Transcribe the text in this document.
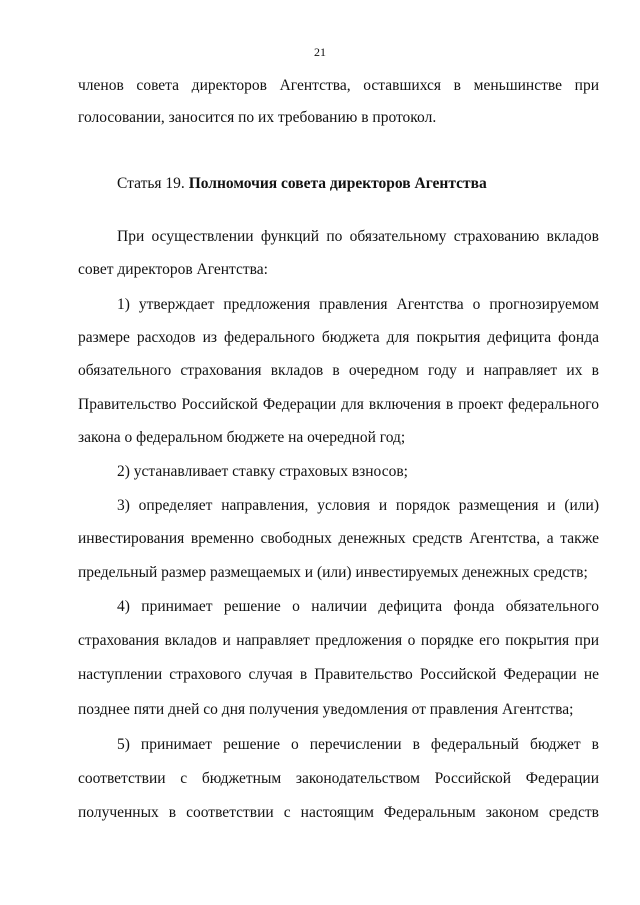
21
членов совета директоров Агентства, оставшихся в меньшинстве при
голосовании, заносится по их требованию в протокол.
Статья 19. Полномочия совета директоров Агентства
При осуществлении функций по обязательному страхованию вкладов
совет директоров Агентства:
1) утверждает предложения правления Агентства о прогнозируемом
размере расходов из федерального бюджета для покрытия дефицита фонда
обязательного страхования вкладов в очередном году и направляет их в
Правительство Российской Федерации для включения в проект федерального
закона о федеральном бюджете на очередной год;
2) устанавливает ставку страховых взносов;
3) определяет направления, условия и порядок размещения и (или)
инвестирования временно свободных денежных средств Агентства, а также
предельный размер размещаемых и (или) инвестируемых денежных средств;
4) принимает решение о наличии дефицита фонда обязательного
страхования вкладов и направляет предложения о порядке его покрытия при
наступлении страхового случая в Правительство Российской Федерации не
позднее пяти дней со дня получения уведомления от правления Агентства;
5) принимает решение о перечислении в федеральный бюджет в
соответствии с бюджетным законодательством Российской Федерации
полученных в соответствии с настоящим Федеральным законом средств
